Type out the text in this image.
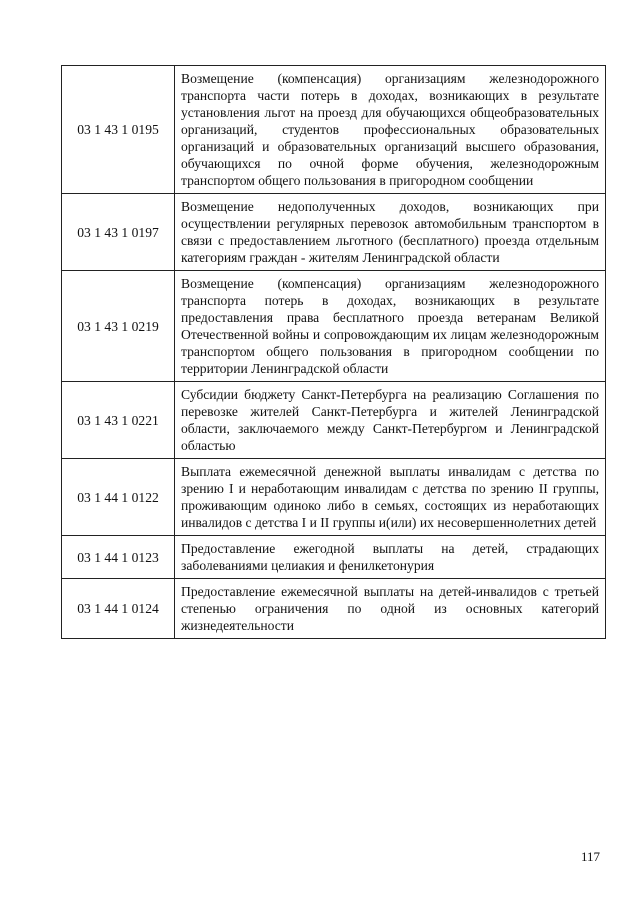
03 1 43 1 0195	Возмещение (компенсация) организациям железнодорожного транспорта части потерь в доходах, возникающих в результате установления льгот на проезд для обучающихся общеобразовательных организаций, студентов профессиональных образовательных организаций и образовательных организаций высшего образования, обучающихся по очной форме обучения, железнодорожным транспортом общего пользования в пригородном сообщении
03 1 43 1 0197	Возмещение недополученных доходов, возникающих при осуществлении регулярных перевозок автомобильным транспортом в связи с предоставлением льготного (бесплатного) проезда отдельным категориям граждан - жителям Ленинградской области
03 1 43 1 0219	Возмещение (компенсация) организациям железнодорожного транспорта потерь в доходах, возникающих в результате предоставления права бесплатного проезда ветеранам Великой Отечественной войны и сопровождающим их лицам железнодорожным транспортом общего пользования в пригородном сообщении по территории Ленинградской области
03 1 43 1 0221	Субсидии бюджету Санкт-Петербурга на реализацию Соглашения по перевозке жителей Санкт-Петербурга и жителей Ленинградской области, заключаемого между Санкт-Петербургом и Ленинградской областью
03 1 44 1 0122	Выплата ежемесячной денежной выплаты инвалидам с детства по зрению I и неработающим инвалидам с детства по зрению II группы, проживающим одиноко либо в семьях, состоящих из неработающих инвалидов с детства I и II группы и(или) их несовершеннолетних детей
03 1 44 1 0123	Предоставление ежегодной выплаты на детей, страдающих заболеваниями целиакия и фенилкетонурия
03 1 44 1 0124	Предоставление ежемесячной выплаты на детей-инвалидов с третьей степенью ограничения по одной из основных категорий жизнедеятельности
117
